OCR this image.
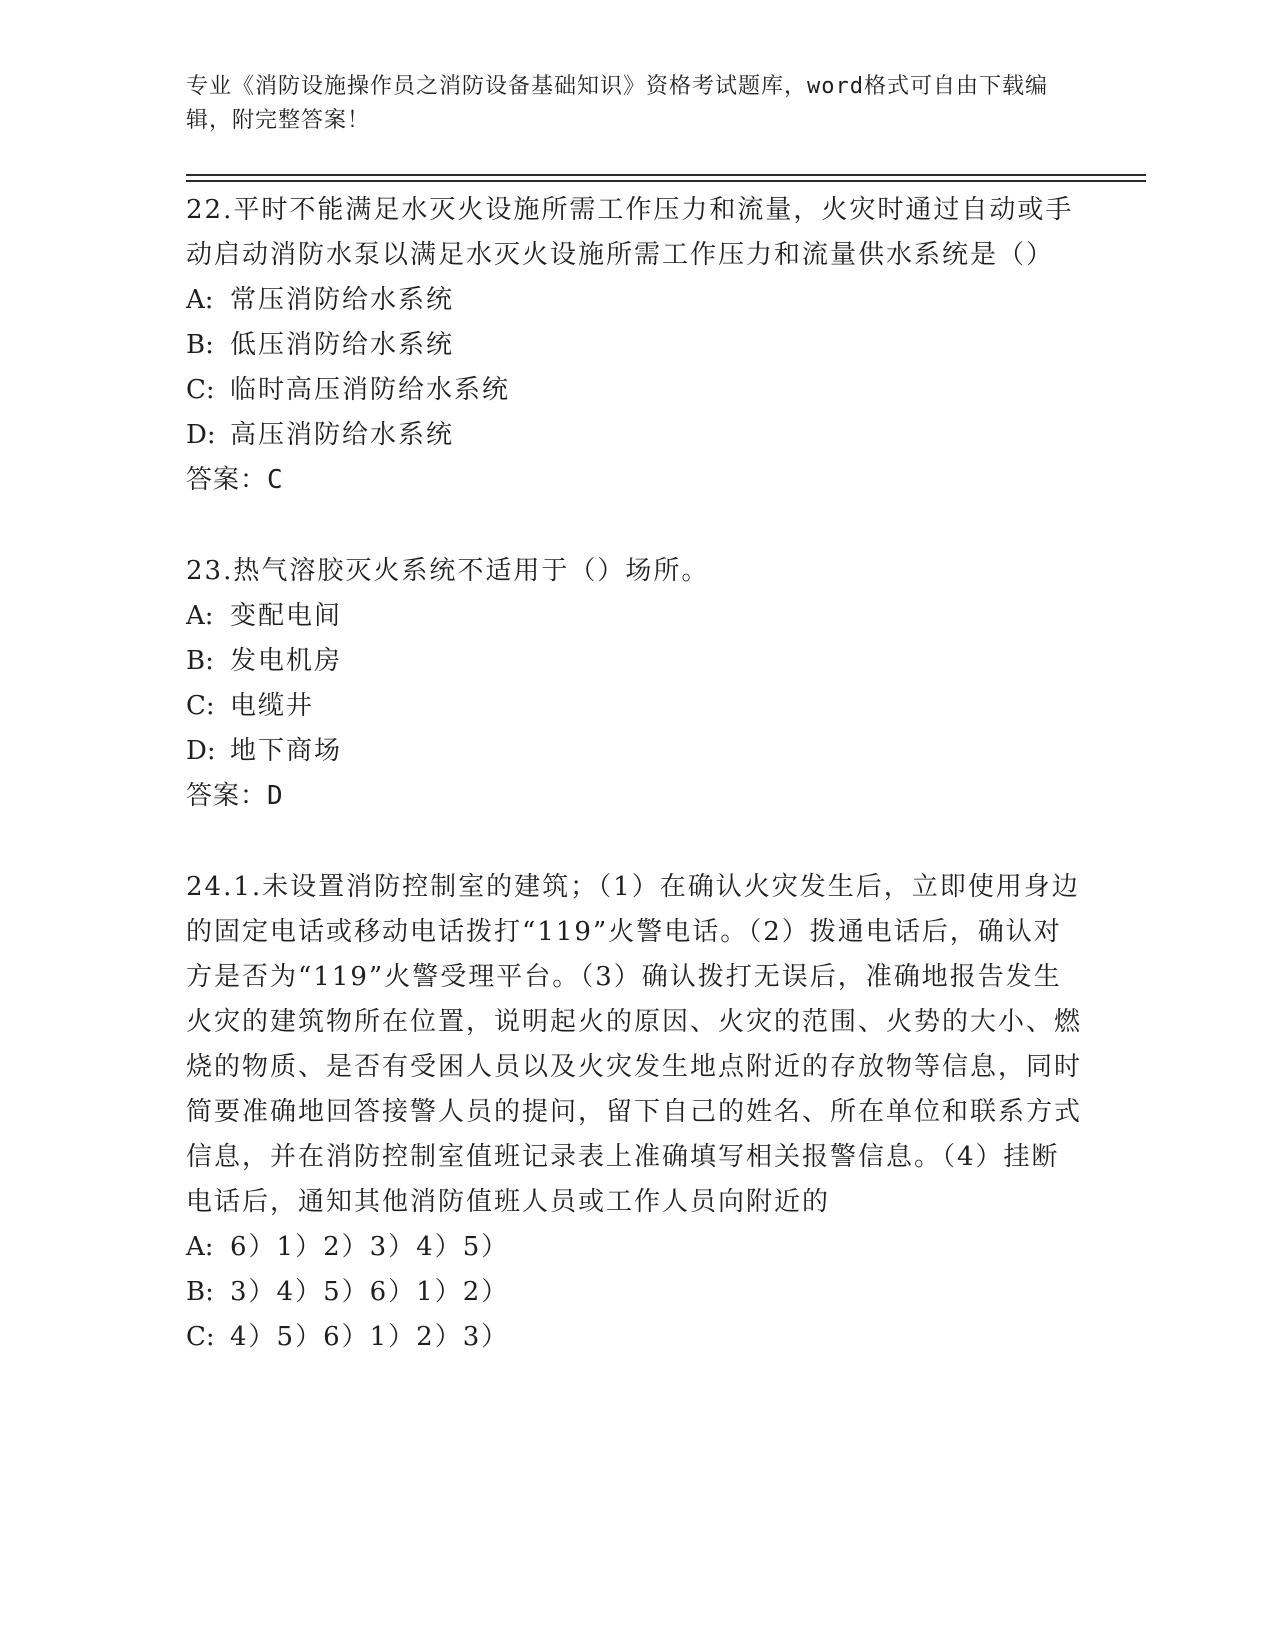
专业《消防设施操作员之消防设备基础知识》资格考试题库，word格式可自由下载编辑，附完整答案！
22.平时不能满足水灭火设施所需工作压力和流量，火灾时通过自动或手动启动消防水泵以满足水灭火设施所需工作压力和流量供水系统是（）
A: 常压消防给水系统
B: 低压消防给水系统
C: 临时高压消防给水系统
D: 高压消防给水系统
答案：C
23.热气溶胶灭火系统不适用于（）场所。
A: 变配电间
B: 发电机房
C: 电缆井
D: 地下商场
答案：D
24.1.未设置消防控制室的建筑；（1）在确认火灾发生后，立即使用身边的固定电话或移动电话拨打“119”火警电话。（2）拨通电话后，确认对方是否为“119”火警受理平台。（3）确认拨打无误后，准确地报告发生火灾的建筑物所在位置，说明起火的原因、火灾的范围、火势的大小、燃烧的物质、是否有受困人员以及火灾发生地点附近的存放物等信息，同时简要准确地回答接警人员的提问，留下自己的姓名、所在单位和联系方式信息，并在消防控制室值班记录表上准确填写相关报警信息。（4）挂断电话后，通知其他消防值班人员或工作人员向附近的
A: 6）1）2）3）4）5）
B: 3）4）5）6）1）2）
C: 4）5）6）1）2）3）
